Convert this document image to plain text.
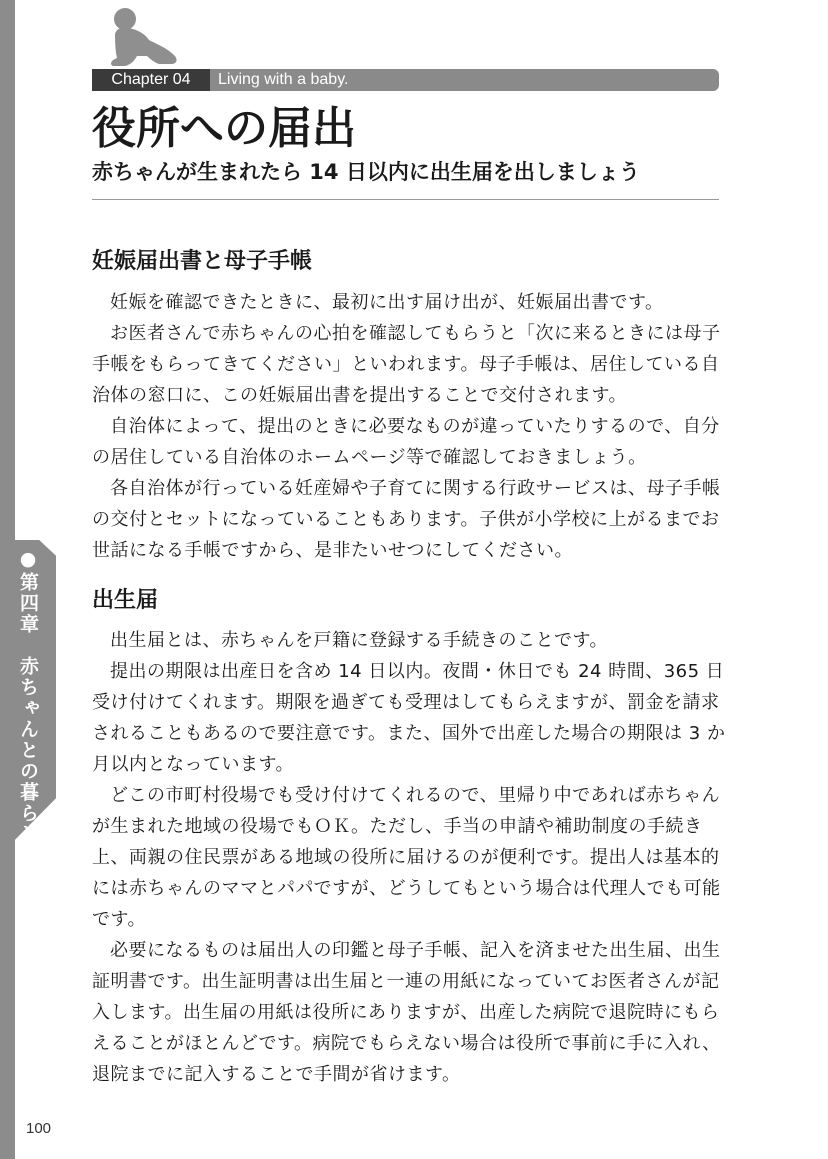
●第四章　赤ちゃんとの暮らし
Chapter 04	Living with a baby.
役所への届出
赤ちゃんが生まれたら 14 日以内に出生届を出しましょう
妊娠届出書と母子手帳

妊娠を確認できたときに、最初に出す届け出が、妊娠届出書です。

お医者さんで赤ちゃんの心拍を確認してもらうと「次に来るときには母子手帳をもらってきてください」といわれます。母子手帳は、居住している自治体の窓口に、この妊娠届出書を提出することで交付されます。

自治体によって、提出のときに必要なものが違っていたりするので、自分の居住している自治体のホームページ等で確認しておきましょう。

各自治体が行っている妊産婦や子育てに関する行政サービスは、母子手帳の交付とセットになっていることもあります。子供が小学校に上がるまでお世話になる手帳ですから、是非たいせつにしてください。

出生届

出生届とは、赤ちゃんを戸籍に登録する手続きのことです。

提出の期限は出産日を含め 14 日以内。夜間・休日でも 24 時間、365 日受け付けてくれます。期限を過ぎても受理はしてもらえますが、罰金を請求されることもあるので要注意です。また、国外で出産した場合の期限は 3 か月以内となっています。

どこの市町村役場でも受け付けてくれるので、里帰り中であれば赤ちゃんが生まれた地域の役場でもＯＫ。ただし、手当の申請や補助制度の手続き上、両親の住民票がある地域の役所に届けるのが便利です。提出人は基本的には赤ちゃんのママとパパですが、どうしてもという場合は代理人でも可能です。

必要になるものは届出人の印鑑と母子手帳、記入を済ませた出生届、出生証明書です。出生証明書は出生届と一連の用紙になっていてお医者さんが記入します。出生届の用紙は役所にありますが、出産した病院で退院時にもらえることがほとんどです。病院でもらえない場合は役所で事前に手に入れ、退院までに記入することで手間が省けます。

100
